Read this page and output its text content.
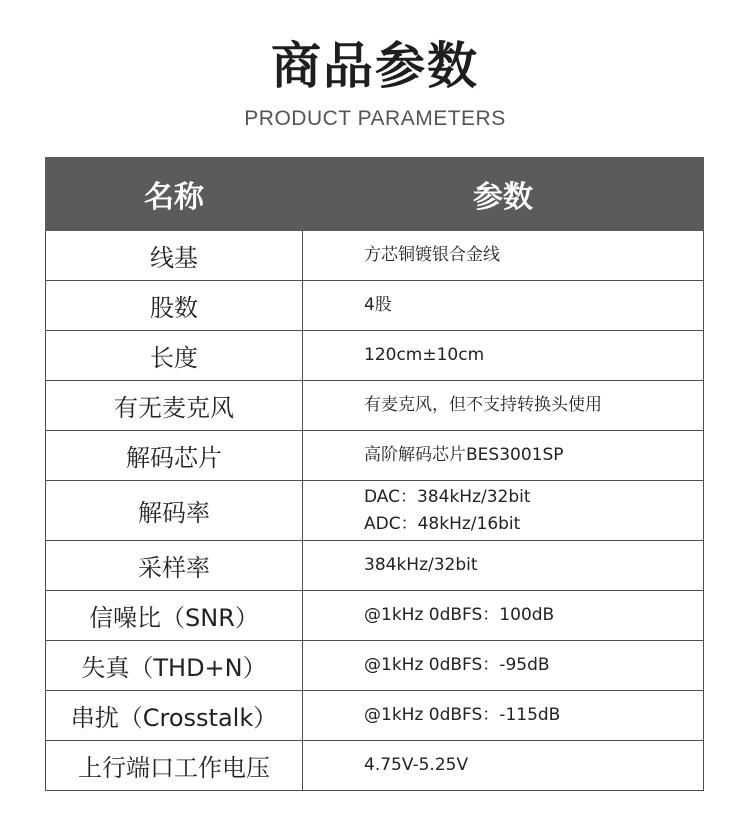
商品参数
PRODUCT PARAMETERS
名称	参数
线基	方芯铜镀银合金线

股数	4股

长度	120cm±10cm

有无麦克风	有麦克风，但不支持转换头使用

解码芯片	高阶解码芯片BES3001SP

解码率	DAC：384kHz/32bit
ADC：48kHz/16bit

采样率	384kHz/32bit

信噪比（SNR）	@1kHz 0dBFS：100dB

失真（THD+N）	@1kHz 0dBFS：-95dB

串扰（Crosstalk）	@1kHz 0dBFS：-115dB

上行端口工作电压	4.75V-5.25V
